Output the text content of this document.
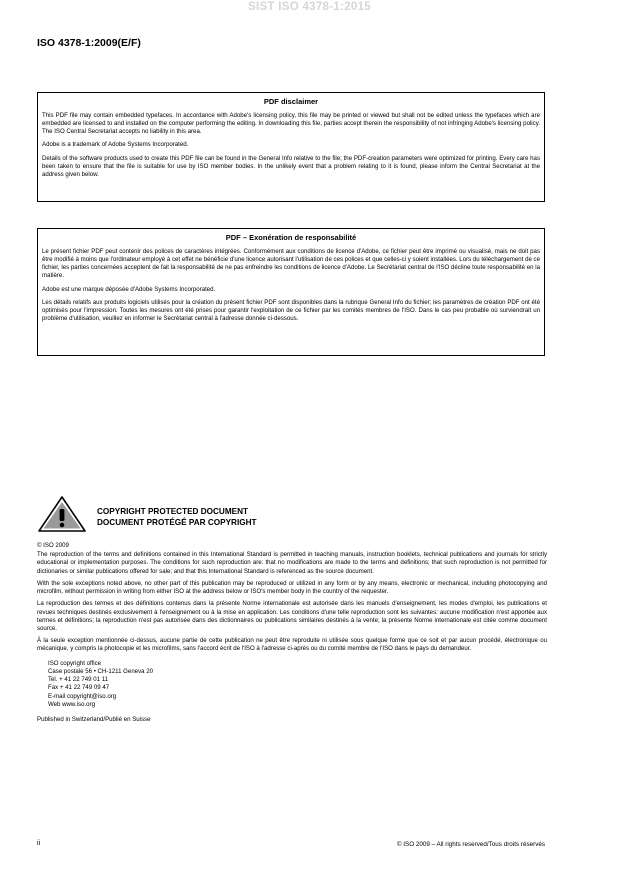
SIST ISO 4378-1:2015
ISO 4378-1:2009(E/F)
PDF disclaimer

This PDF file may contain embedded typefaces. In accordance with Adobe's licensing policy, this file may be printed or viewed but shall not be edited unless the typefaces which are embedded are licensed to and installed on the computer performing the editing. In downloading this file, parties accept therein the responsibility of not infringing Adobe's licensing policy. The ISO Central Secretariat accepts no liability in this area.

Adobe is a trademark of Adobe Systems Incorporated.

Details of the software products used to create this PDF file can be found in the General Info relative to the file; the PDF-creation parameters were optimized for printing. Every care has been taken to ensure that the file is suitable for use by ISO member bodies. In the unlikely event that a problem relating to it is found, please inform the Central Secretariat at the address given below.

PDF – Exonération de responsabilité

Le présent fichier PDF peut contenir des polices de caractères intégrées. Conformément aux conditions de licence d'Adobe, ce fichier peut être imprimé ou visualisé, mais ne doit pas être modifié à moins que l'ordinateur employé à cet effet ne bénéficie d'une licence autorisant l'utilisation de ces polices et que celles-ci y soient installées. Lors du téléchargement de ce fichier, les parties concernées acceptent de fait la responsabilité de ne pas enfreindre les conditions de licence d'Adobe. Le Secrétariat central de l'ISO décline toute responsabilité en la matière.

Adobe est une marque déposée d'Adobe Systems Incorporated.

Les détails relatifs aux produits logiciels utilisés pour la création du présent fichier PDF sont disponibles dans la rubrique General Info du fichier; les paramètres de création PDF ont été optimisés pour l'impression. Toutes les mesures ont été prises pour garantir l'exploitation de ce fichier par les comités membres de l'ISO. Dans le cas peu probable où surviendrait un problème d'utilisation, veuillez en informer le Secrétariat central à l'adresse donnée ci-dessous.

COPYRIGHT PROTECTED DOCUMENT
DOCUMENT PROTÉGÉ PAR COPYRIGHT

© ISO 2009

The reproduction of the terms and definitions contained in this International Standard is permitted in teaching manuals, instruction booklets, technical publications and journals for strictly educational or implementation purposes. The conditions for such reproduction are: that no modifications are made to the terms and definitions; that such reproduction is not permitted for dictionaries or similar publications offered for sale; and that this International Standard is referenced as the source document.

With the sole exceptions noted above, no other part of this publication may be reproduced or utilized in any form or by any means, electronic or mechanical, including photocopying and microfilm, without permission in writing from either ISO at the address below or ISO's member body in the country of the requester.

La reproduction des termes et des définitions contenus dans la présente Norme internationale est autorisée dans les manuels d'enseignement, les modes d'emploi, les publications et revues techniques destinés exclusivement à l'enseignement ou à la mise en application. Les conditions d'une telle reproduction sont les suivantes: aucune modification n'est apportée aux termes et définitions; la reproduction n'est pas autorisée dans des dictionnaires ou publications similaires destinés à la vente; la présente Norme internationale est citée comme document source.

À la seule exception mentionnée ci-dessus, aucune partie de cette publication ne peut être reproduite ni utilisée sous quelque forme que ce soit et par aucun procédé, électronique ou mécanique, y compris la photocopie et les microfilms, sans l'accord écrit de l'ISO à l'adresse ci-après ou du comité membre de l'ISO dans le pays du demandeur.

ISO copyright office
Case postale 56 • CH-1211 Geneva 20
Tel. + 41 22 749 01 11
Fax + 41 22 749 09 47
E-mail copyright@iso.org
Web www.iso.org
Published in Switzerland/Publié en Suisse
ii	© ISO 2009 – All rights reserved/Tous droits réservés
